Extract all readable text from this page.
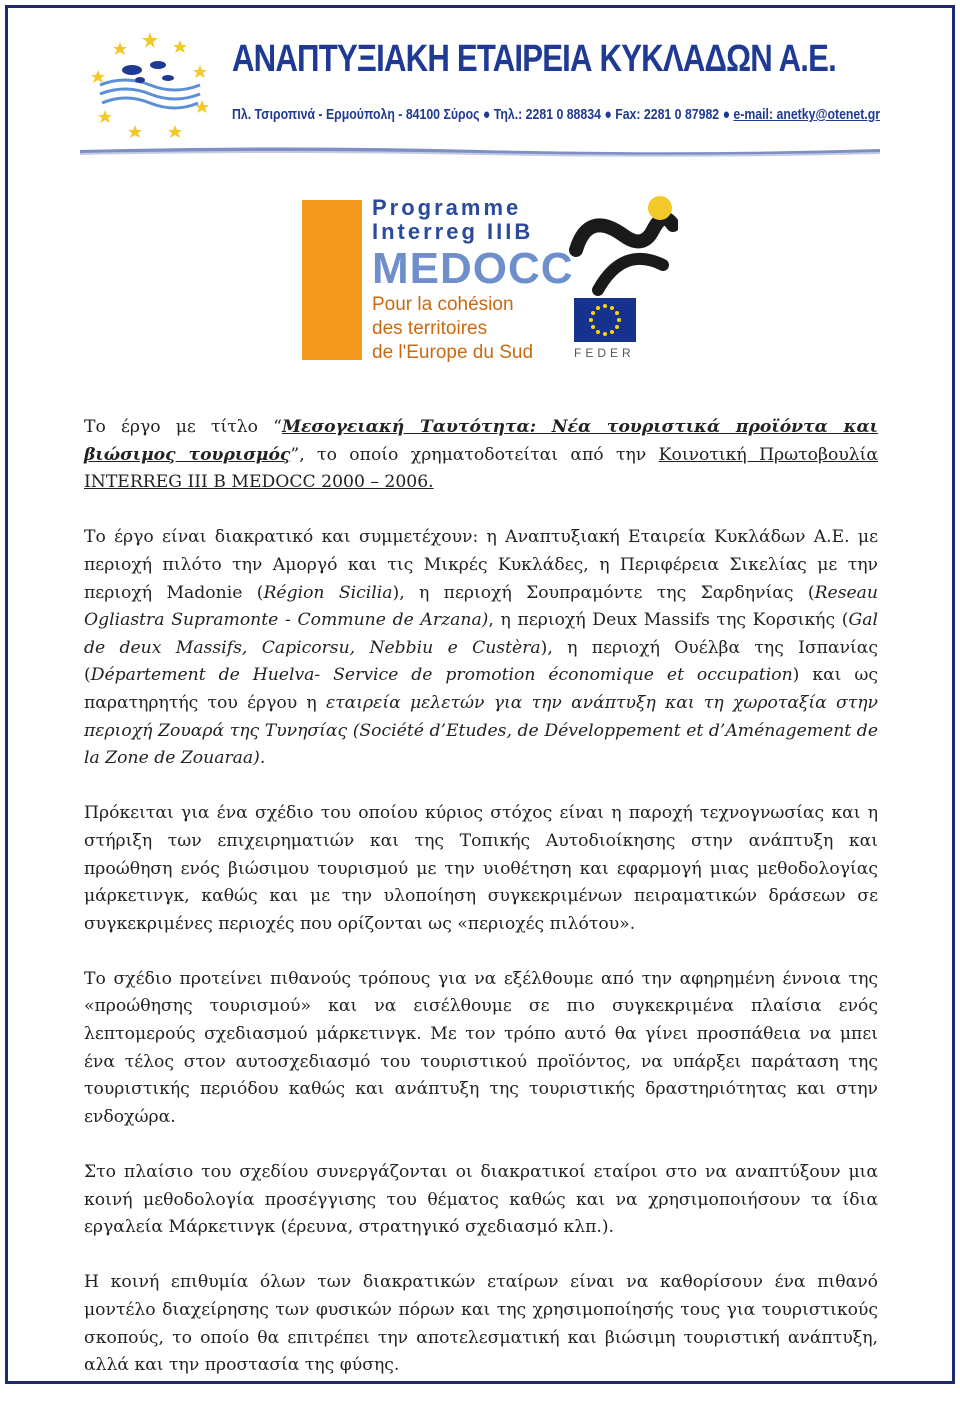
ΑΝΑΠΤΥΞΙΑΚΗ ΕΤΑΙΡΕΙΑ ΚΥΚΛΑΔΩΝ Α.Ε.
Πλ. Τσιροπινά - Ερμούπολη - 84100 Σύρος ● Τηλ.: 2281 0 88834 ● Fax: 2281 0 87982 ● e-mail: anetky@otenet.gr
Programme
Interreg IIIB
MEDOCC
Pour la cohésion
des territoires
de l'Europe du Sud	FEDER

Το έργο με τίτλο “Μεσογειακή Ταυτότητα: Νέα τουριστικά προϊόντα και βιώσιμος τουρισμός”, το οποίο χρηματοδοτείται από την Κοινοτική Πρωτοβουλία INTERREG III B MEDOCC 2000 – 2006.

Το έργο είναι διακρατικό και συμμετέχουν: η Αναπτυξιακή Εταιρεία Κυκλάδων Α.Ε. με περιοχή πιλότο την Αμοργό και τις Μικρές Κυκλάδες, η Περιφέρεια Σικελίας με την περιοχή Madonie (Région Sicilia), η περιοχή Σουπραμόντε της Σαρδηνίας (Reseau Ogliastra Supramonte - Commune de Arzana), η περιοχή Deux Massifs της Κορσικής (Gal de deux Massifs, Capicorsu, Nebbiu e Custèra), η περιοχή Ουέλβα της Ισπανίας (Département de Huelva- Service de promotion économique et occupation) και ως παρατηρητής του έργου η εταιρεία μελετών για την ανάπτυξη και τη χωροταξία στην περιοχή Ζουαρά της Τυνησίας (Société d’Etudes, de Développement et d’Aménagement de la Zone de Zouaraa).

Πρόκειται για ένα σχέδιο του οποίου κύριος στόχος είναι η παροχή τεχνογνωσίας και η στήριξη των επιχειρηματιών και της Τοπικής Αυτοδιοίκησης στην ανάπτυξη και προώθηση ενός βιώσιμου τουρισμού με την υιοθέτηση και εφαρμογή μιας μεθοδολογίας μάρκετινγκ, καθώς και με την υλοποίηση συγκεκριμένων πειραματικών δράσεων σε συγκεκριμένες περιοχές που ορίζονται ως «περιοχές πιλότου».

Το σχέδιο προτείνει πιθανούς τρόπους για να εξέλθουμε από την αφηρημένη έννοια της «προώθησης τουρισμού» και να εισέλθουμε σε πιο συγκεκριμένα πλαίσια ενός λεπτομερούς σχεδιασμού μάρκετινγκ. Με τον τρόπο αυτό θα γίνει προσπάθεια να μπει ένα τέλος στον αυτοσχεδιασμό του τουριστικού προϊόντος, να υπάρξει παράταση της τουριστικής περιόδου καθώς και ανάπτυξη της τουριστικής δραστηριότητας και στην ενδοχώρα.

Στο πλαίσιο του σχεδίου συνεργάζονται οι διακρατικοί εταίροι στο να αναπτύξουν μια κοινή μεθοδολογία προσέγγισης του θέματος καθώς και να χρησιμοποιήσουν τα ίδια εργαλεία Μάρκετινγκ (έρευνα, στρατηγικό σχεδιασμό κλπ.).

Η κοινή επιθυμία όλων των διακρατικών εταίρων είναι να καθορίσουν ένα πιθανό μοντέλο διαχείρησης των φυσικών πόρων και της χρησιμοποίησής τους για τουριστικούς σκοπούς, το οποίο θα επιτρέπει την αποτελεσματική και βιώσιμη τουριστική ανάπτυξη, αλλά και την προστασία της φύσης.
